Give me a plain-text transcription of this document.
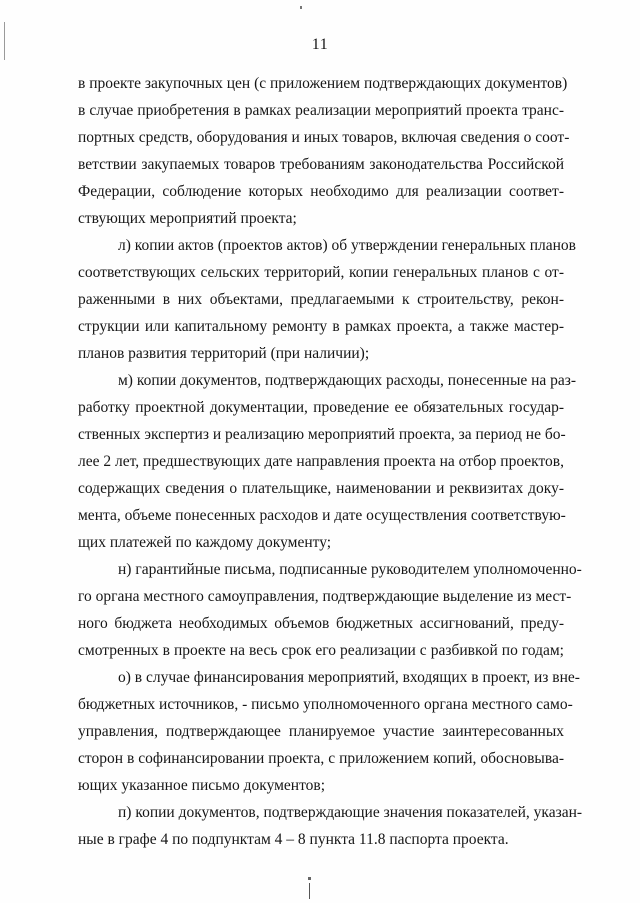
11
в проекте закупочных цен (с приложением подтверждающих документов)
в случае приобретения в рамках реализации мероприятий проекта транс-
портных средств, оборудования и иных товаров, включая сведения о соот-
ветствии закупаемых товаров требованиям законодательства Российской
Федерации, соблюдение которых необходимо для реализации соответ-
ствующих мероприятий проекта;
л) копии актов (проектов актов) об утверждении генеральных планов
соответствующих сельских территорий, копии генеральных планов с от-
раженными в них объектами, предлагаемыми к строительству, рекон-
струкции или капитальному ремонту в рамках проекта, а также мастер-
планов развития территорий (при наличии);
м) копии документов, подтверждающих расходы, понесенные на раз-
работку проектной документации, проведение ее обязательных государ-
ственных экспертиз и реализацию мероприятий проекта, за период не бо-
лее 2 лет, предшествующих дате направления проекта на отбор проектов,
содержащих сведения о плательщике, наименовании и реквизитах доку-
мента, объеме понесенных расходов и дате осуществления соответствую-
щих платежей по каждому документу;
н) гарантийные письма, подписанные руководителем уполномоченно-
го органа местного самоуправления, подтверждающие выделение из мест-
ного бюджета необходимых объемов бюджетных ассигнований, преду-
смотренных в проекте на весь срок его реализации с разбивкой по годам;
о) в случае финансирования мероприятий, входящих в проект, из вне-
бюджетных источников, - письмо уполномоченного органа местного само-
управления, подтверждающее планируемое участие заинтересованных
сторон в софинансировании проекта, с приложением копий, обосновыва-
ющих указанное письмо документов;
п) копии документов, подтверждающие значения показателей, указан-
ные в графе 4 по подпунктам 4 – 8 пункта 11.8 паспорта проекта.
